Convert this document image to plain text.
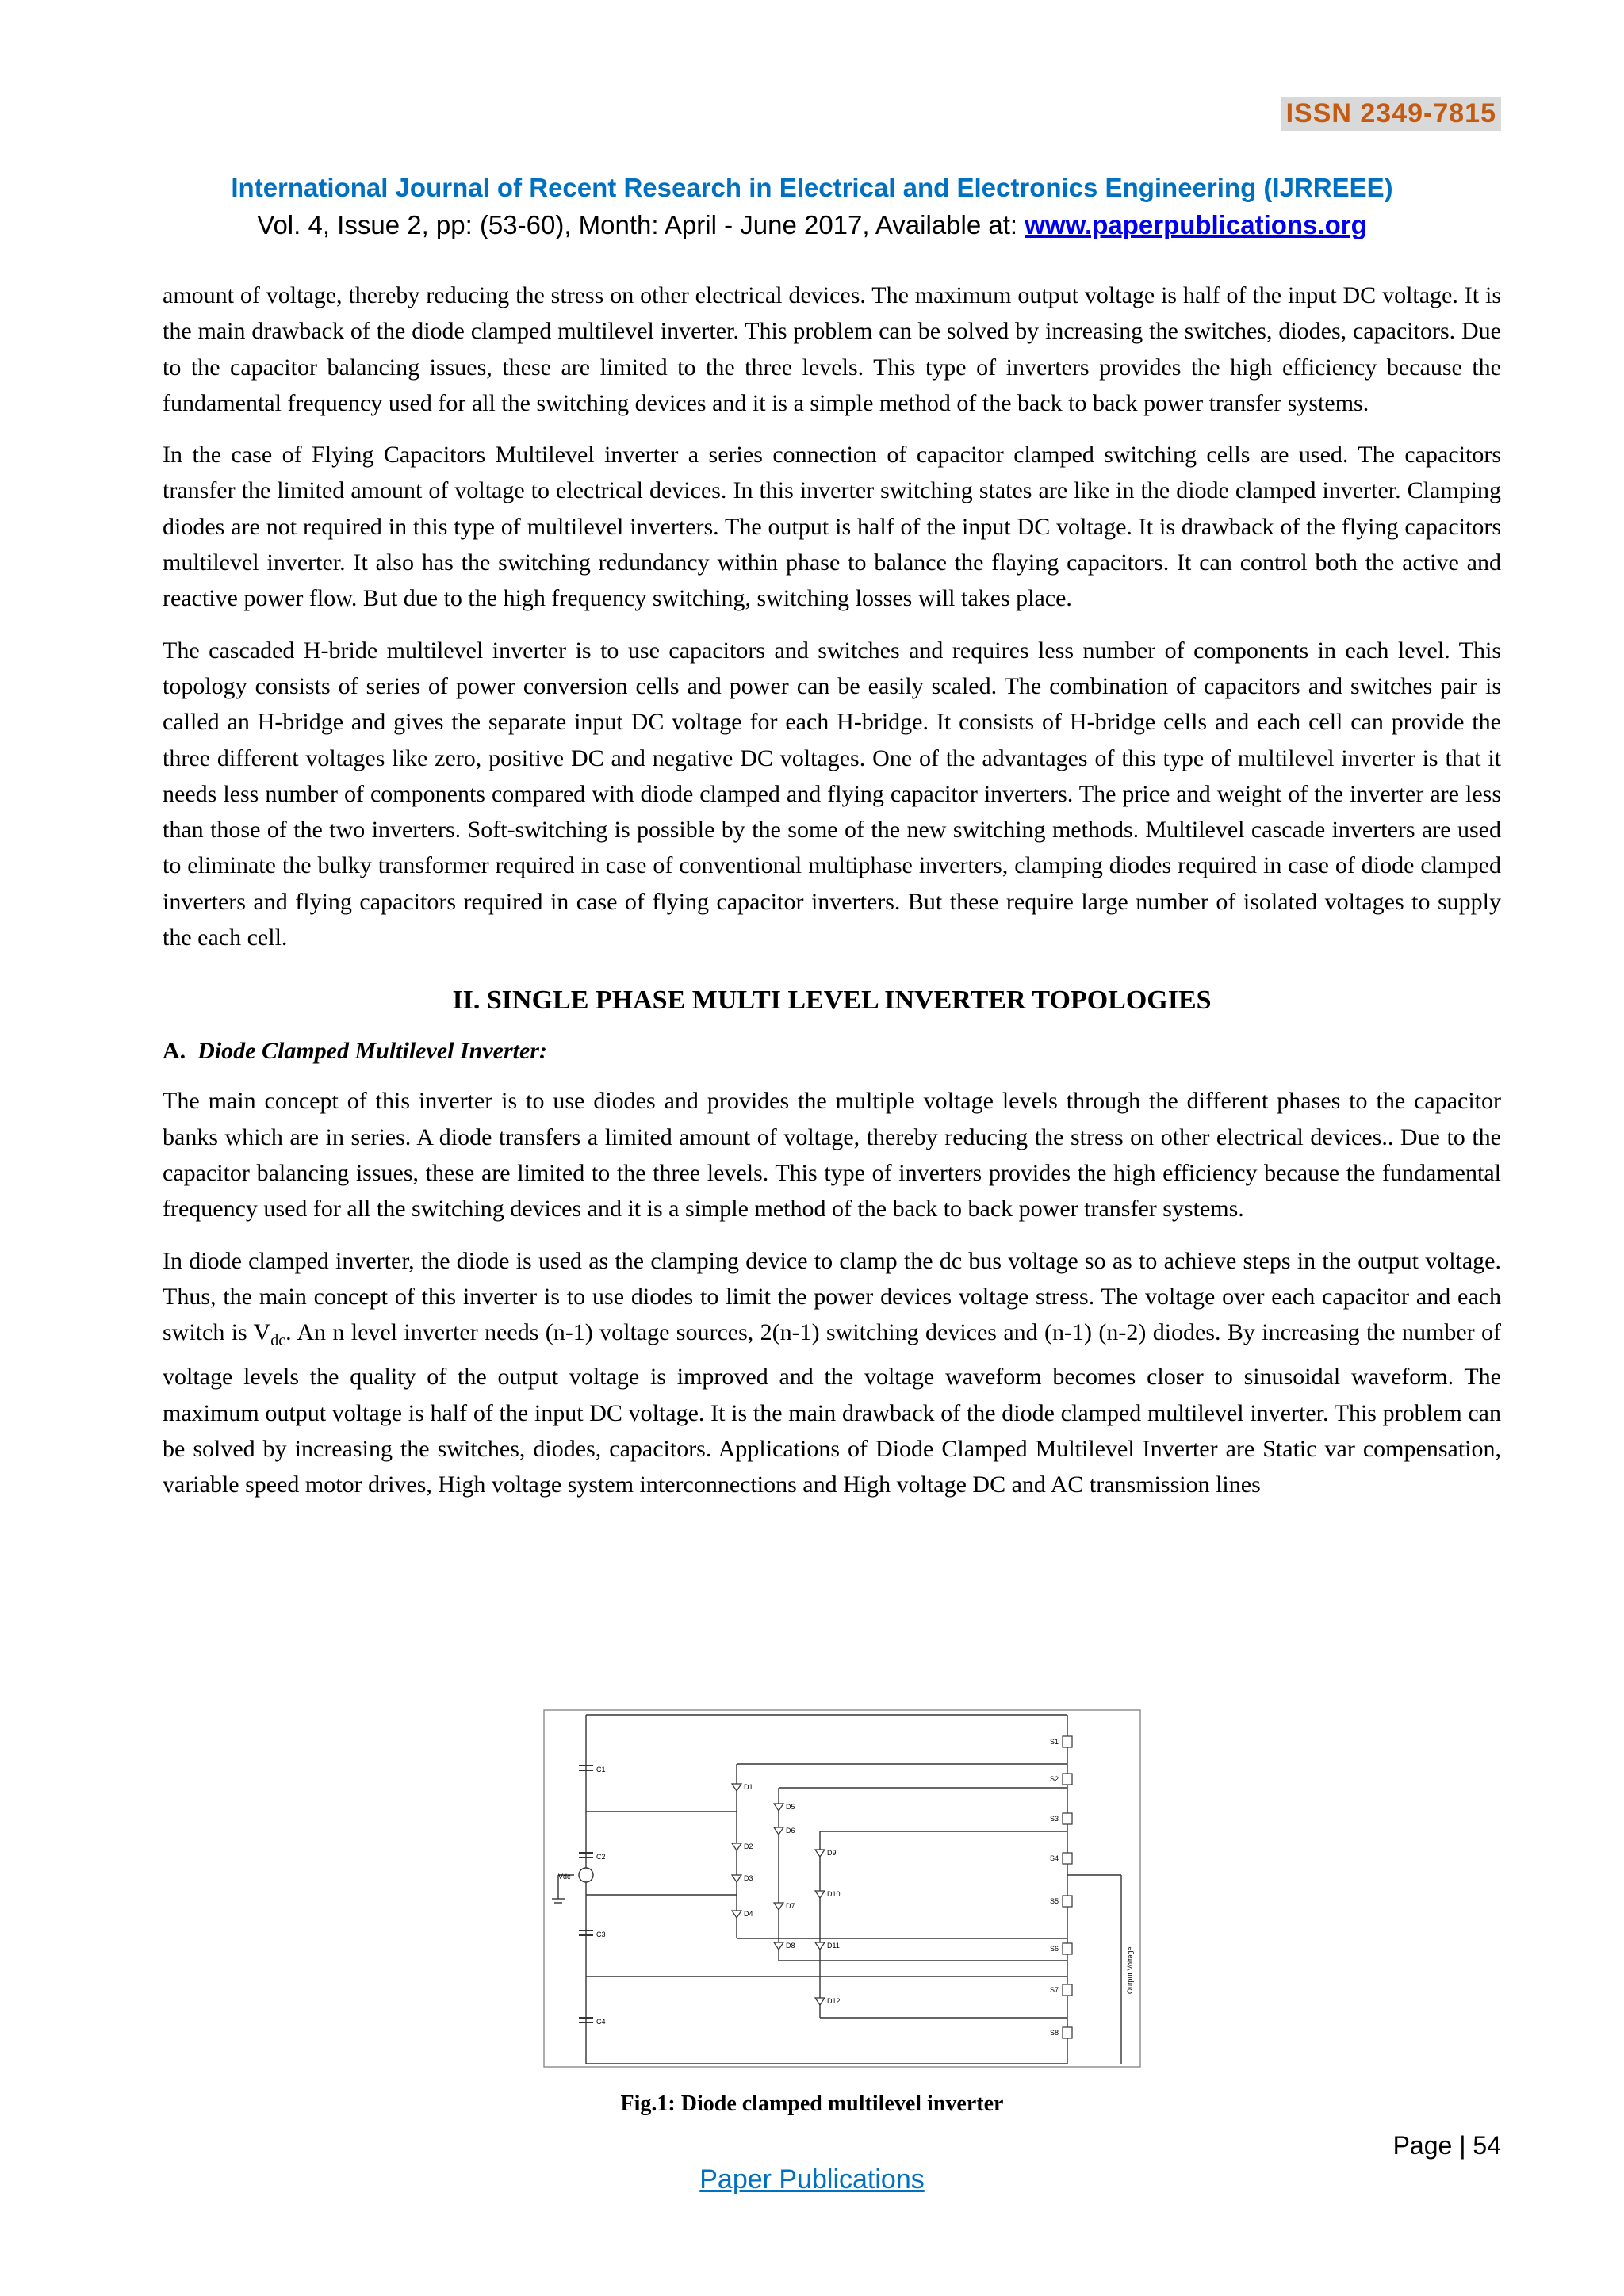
ISSN 2349-7815
International Journal of Recent Research in Electrical and Electronics Engineering (IJRREEE)
Vol. 4, Issue 2, pp: (53-60), Month: April - June 2017, Available at: www.paperpublications.org

amount of voltage, thereby reducing the stress on other electrical devices. The maximum output voltage is half of the input DC voltage. It is the main drawback of the diode clamped multilevel inverter. This problem can be solved by increasing the switches, diodes, capacitors. Due to the capacitor balancing issues, these are limited to the three levels. This type of inverters provides the high efficiency because the fundamental frequency used for all the switching devices and it is a simple method of the back to back power transfer systems.

In the case of Flying Capacitors Multilevel inverter a series connection of capacitor clamped switching cells are used. The capacitors transfer the limited amount of voltage to electrical devices. In this inverter switching states are like in the diode clamped inverter. Clamping diodes are not required in this type of multilevel inverters. The output is half of the input DC voltage. It is drawback of the flying capacitors multilevel inverter. It also has the switching redundancy within phase to balance the flaying capacitors. It can control both the active and reactive power flow. But due to the high frequency switching, switching losses will takes place.

The cascaded H-bride multilevel inverter is to use capacitors and switches and requires less number of components in each level. This topology consists of series of power conversion cells and power can be easily scaled. The combination of capacitors and switches pair is called an H-bridge and gives the separate input DC voltage for each H-bridge. It consists of H-bridge cells and each cell can provide the three different voltages like zero, positive DC and negative DC voltages. One of the advantages of this type of multilevel inverter is that it needs less number of components compared with diode clamped and flying capacitor inverters. The price and weight of the inverter are less than those of the two inverters. Soft-switching is possible by the some of the new switching methods. Multilevel cascade inverters are used to eliminate the bulky transformer required in case of conventional multiphase inverters, clamping diodes required in case of diode clamped inverters and flying capacitors required in case of flying capacitor inverters. But these require large number of isolated voltages to supply the each cell.

II. SINGLE PHASE MULTI LEVEL INVERTER TOPOLOGIES
A. Diode Clamped Multilevel Inverter:

The main concept of this inverter is to use diodes and provides the multiple voltage levels through the different phases to the capacitor banks which are in series. A diode transfers a limited amount of voltage, thereby reducing the stress on other electrical devices.. Due to the capacitor balancing issues, these are limited to the three levels. This type of inverters provides the high efficiency because the fundamental frequency used for all the switching devices and it is a simple method of the back to back power transfer systems.

In diode clamped inverter, the diode is used as the clamping device to clamp the dc bus voltage so as to achieve steps in the output voltage. Thus, the main concept of this inverter is to use diodes to limit the power devices voltage stress. The voltage over each capacitor and each switch is $V_{dc}$. An n level inverter needs (n-1) voltage sources, 2(n-1) switching devices and (n-1) (n-2) diodes. By increasing the number of voltage levels the quality of the output voltage is improved and the voltage waveform becomes closer to sinusoidal waveform. The maximum output voltage is half of the input DC voltage. It is the main drawback of the diode clamped multilevel inverter. This problem can be solved by increasing the switches, diodes, capacitors. Applications of Diode Clamped Multilevel Inverter are Static var compensation, variable speed motor drives, High voltage system interconnections and High voltage DC and AC transmission lines

Vdc
C1
C2
C3
C4
D1
D2
D3
D4
D5
D6
D7
D8
D9
D10
D11
D12
S1
S2
S3
S4
S5
S6
S7
S8
Output Voltage
Fig.1: Diode clamped multilevel inverter
Page | 54
Paper Publications
